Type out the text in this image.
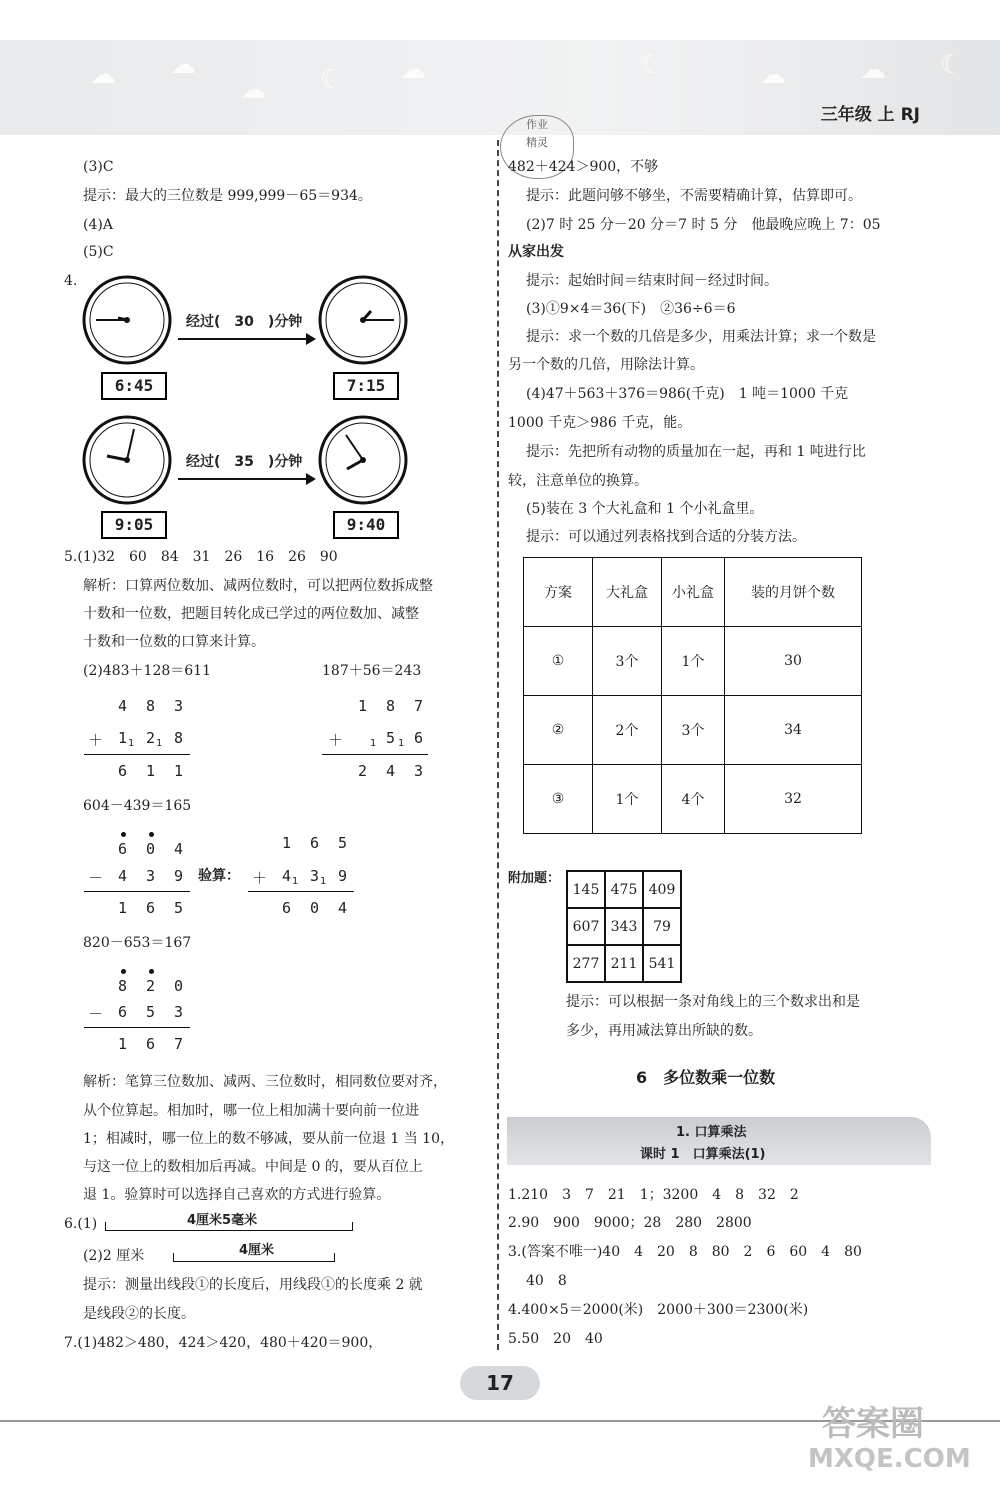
☁ ☁
☁ ☾ ☁	☾	☁	☁ ☾
三年级 上 RJ
(3)C
提示：最大的三位数是 999,999－65＝934。
(4)A
(5)C
4.
经过(　30　)分钟
6:45	7:15
经过(　35　)分钟
9:05	9:40
5.(1)32　60　84　31　26　16　26　90
解析：口算两位数加、减两位数时，可以把两位数拆成整
十数和一位数，把题目转化成已学过的两位数加、减整
十数和一位数的口算来计算。
(2)483＋128＝611	187＋56＝243
4 8 3
＋ 1 1 2 1 8
6 1 1
1 8 7
＋	1 5 1 6
2 4 3
604－439＝165
6 0 4
－ 4 3 9
1 6 5
验算：
1 6 5
＋ 4 1 3 1 9
6 0 4
820－653＝167
8 2 0
－ 6 5 3
1 6 7
解析：笔算三位数加、减两、三位数时，相同数位要对齐，
从个位算起。相加时，哪一位上相加满十要向前一位进
1；相减时，哪一位上的数不够减，要从前一位退 1 当 10，
与这一位上的数相加后再减。中间是 0 的，要从百位上
退 1。验算时可以选择自己喜欢的方式进行验算。
6.(1)	4厘米5毫米
(2)2 厘米	4厘米
提示：测量出线段①的长度后，用线段①的长度乘 2 就
是线段②的长度。
7.(1)482＞480，424＞420，480＋420＝900，
作业
精灵
482＋424＞900，不够
提示：此题问够不够坐，不需要精确计算，估算即可。
(2)7 时 25 分－20 分＝7 时 5 分　他最晚应晚上 7：05
从家出发
提示：起始时间＝结束时间－经过时间。
(3)①9×4＝36(下)　②36÷6＝6
提示：求一个数的几倍是多少，用乘法计算；求一个数是
另一个数的几倍，用除法计算。
(4)47＋563＋376＝986(千克)　1 吨＝1000 千克
1000 千克＞986 千克，能。
提示：先把所有动物的质量加在一起，再和 1 吨进行比
较，注意单位的换算。
(5)装在 3 个大礼盒和 1 个小礼盒里。
提示：可以通过列表格找到合适的分装方法。
方案	大礼盒	小礼盒	装的月饼个数
①	3个	1个	30
②	2个	3个	34
③	1个	4个	32
附加题：
145	475	409
607	343	79
277	211	541
提示：可以根据一条对角线上的三个数求出和是
多少，再用减法算出所缺的数。
6　多位数乘一位数
1. 口算乘法
课时 1　口算乘法(1)
1.210　3　7　21　1；3200　4　8　32　2
2.90　900　9000；28　280　2800
3.(答案不唯一)40　4　20　8　80　2　6　60　4　80
40　8
4.400×5＝2000(米)　2000＋300＝2300(米)
5.50　20　40
17
答案圈
MXQE.COM
